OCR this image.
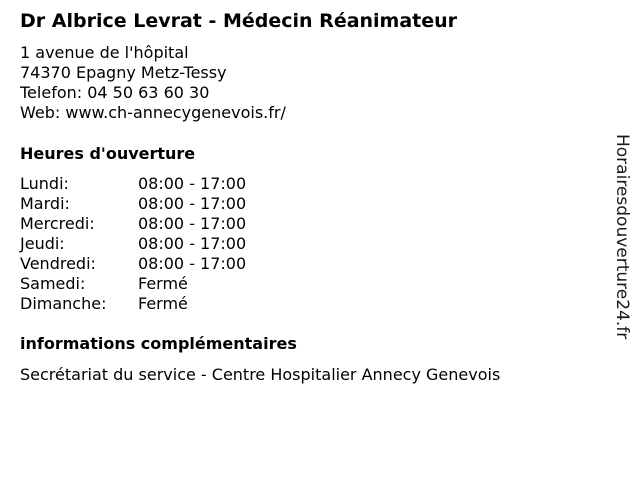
Dr Albrice Levrat - Médecin Réanimateur
1 avenue de l'hôpital
74370 Epagny Metz-Tessy
Telefon: 04 50 63 60 30
Web: www.ch-annecygenevois.fr/
Heures d'ouverture
Lundi:	08:00 - 17:00
Mardi:	08:00 - 17:00
Mercredi:	08:00 - 17:00
Jeudi:	08:00 - 17:00
Vendredi:	08:00 - 17:00
Samedi:	Fermé
Dimanche: Fermé
informations complémentaires
Secrétariat du service - Centre Hospitalier Annecy Genevois
Horairesdouverture24.fr
